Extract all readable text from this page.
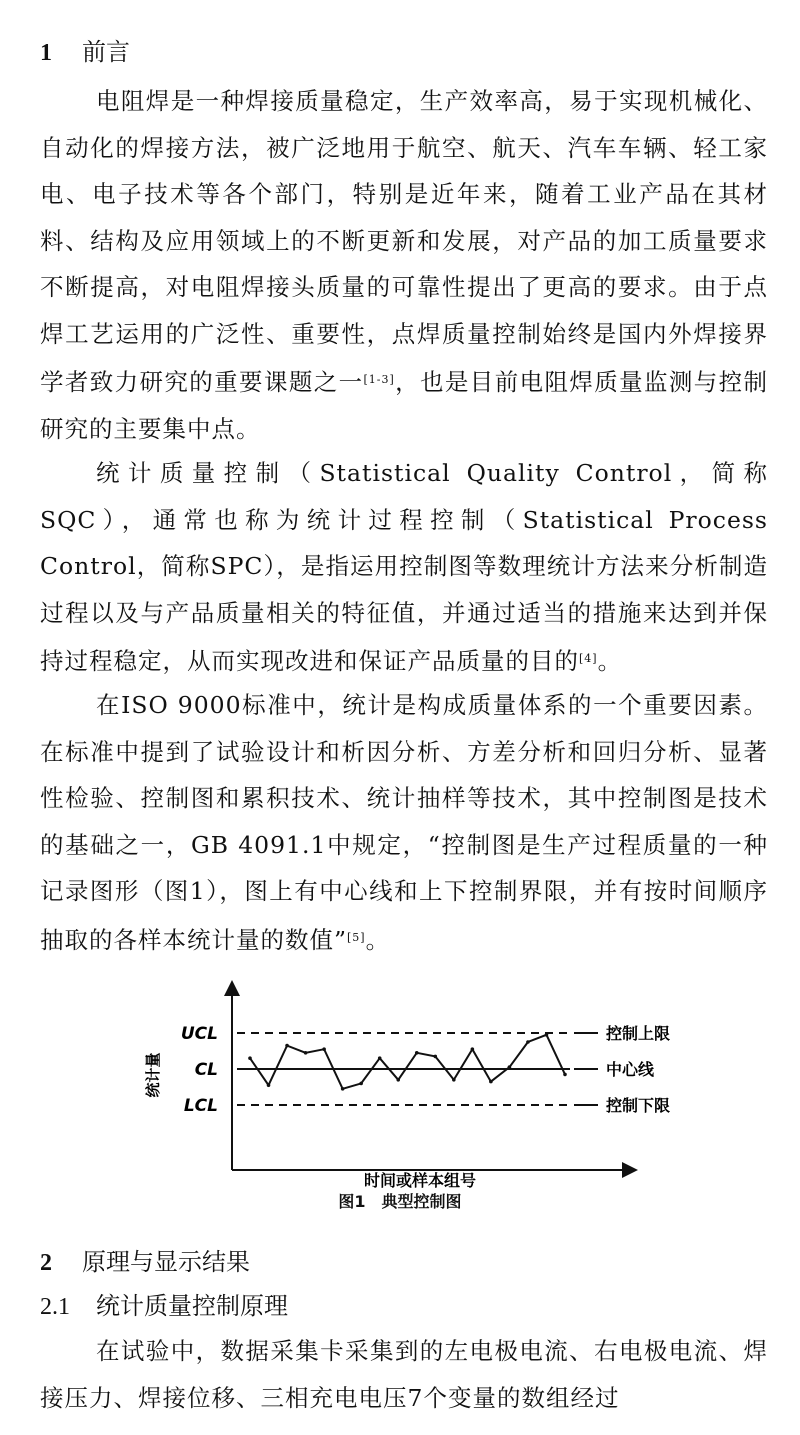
1 前言

电阻焊是一种焊接质量稳定，生产效率高，易于实现机械化、自动化的焊接方法，被广泛地用于航空、航天、汽车车辆、轻工家电、电子技术等各个部门，特别是近年来，随着工业产品在其材料、结构及应用领域上的不断更新和发展，对产品的加工质量要求不断提高，对电阻焊接头质量的可靠性提出了更高的要求。由于点焊工艺运用的广泛性、重要性，点焊质量控制始终是国内外焊接界学者致力研究的重要课题之一[1-3]，也是目前电阻焊质量监测与控制研究的主要集中点。

统计质量控制（Statistical Quality Control，简称SQC），通常也称为统计过程控制（Statistical Process Control，简称SPC），是指运用控制图等数理统计方法来分析制造过程以及与产品质量相关的特征值，并通过适当的措施来达到并保持过程稳定，从而实现改进和保证产品质量的目的[4]。

在ISO 9000标准中，统计是构成质量体系的一个重要因素。在标准中提到了试验设计和析因分析、方差分析和回归分析、显著性检验、控制图和累积技术、统计抽样等技术，其中控制图是技术的基础之一，GB 4091.1中规定，“控制图是生产过程质量的一种记录图形（图1），图上有中心线和上下控制界限，并有按时间顺序抽取的各样本统计量的数值”[5]。

UCL	控制上限
CL	中心线
LCL	控制下限
统计量
时间或样本组号
图1　典型控制图
2 原理与显示结果
2.1 统计质量控制原理

在试验中，数据采集卡采集到的左电极电流、右电极电流、焊接压力、焊接位移、三相充电电压7个变量的数组经过
